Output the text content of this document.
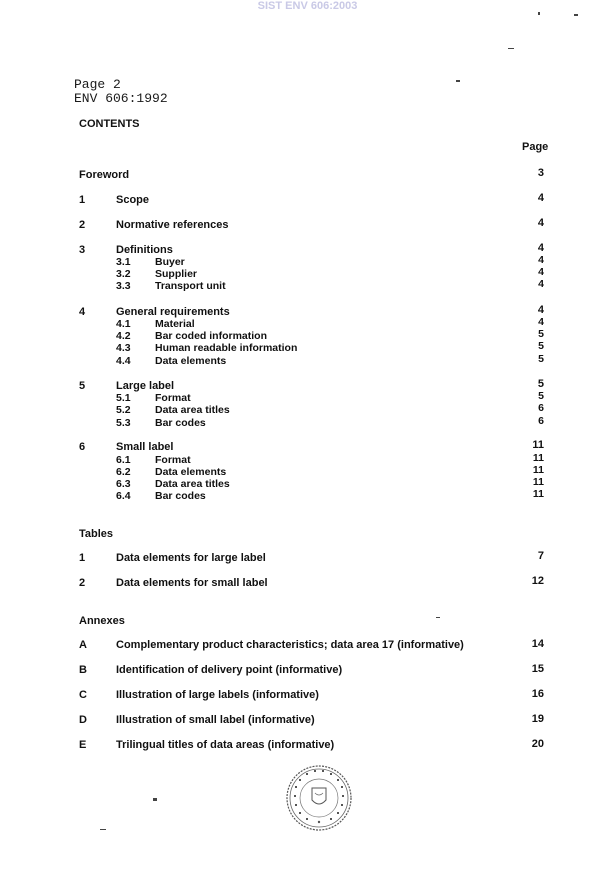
SIST ENV 606:2003
Page 2
ENV 606:1992
CONTENTS
Page
Foreword	3
1	Scope	4
2	Normative references	4
3	Definitions	4
3.1 Buyer	4
3.2 Supplier	4
3.3 Transport unit	4
4	General requirements	4
4.1 Material	4
4.2 Bar coded information	5
4.3 Human readable information	5
4.4 Data elements	5
5	Large label	5
5.1 Format	5
5.2 Data area titles	6
5.3 Bar codes	6
6	Small label	11
6.1 Format	11
6.2 Data elements	11
6.3 Data area titles	11
6.4 Bar codes	11
Tables
1	Data elements for large label	7
2	Data elements for small label	12
Annexes
A	Complementary product characteristics; data area 17 (informative)	14
B	Identification of delivery point (informative)	15
C	Illustration of large labels (informative)	16
D	Illustration of small label (informative)	19
E	Trilingual titles of data areas (informative)	20
